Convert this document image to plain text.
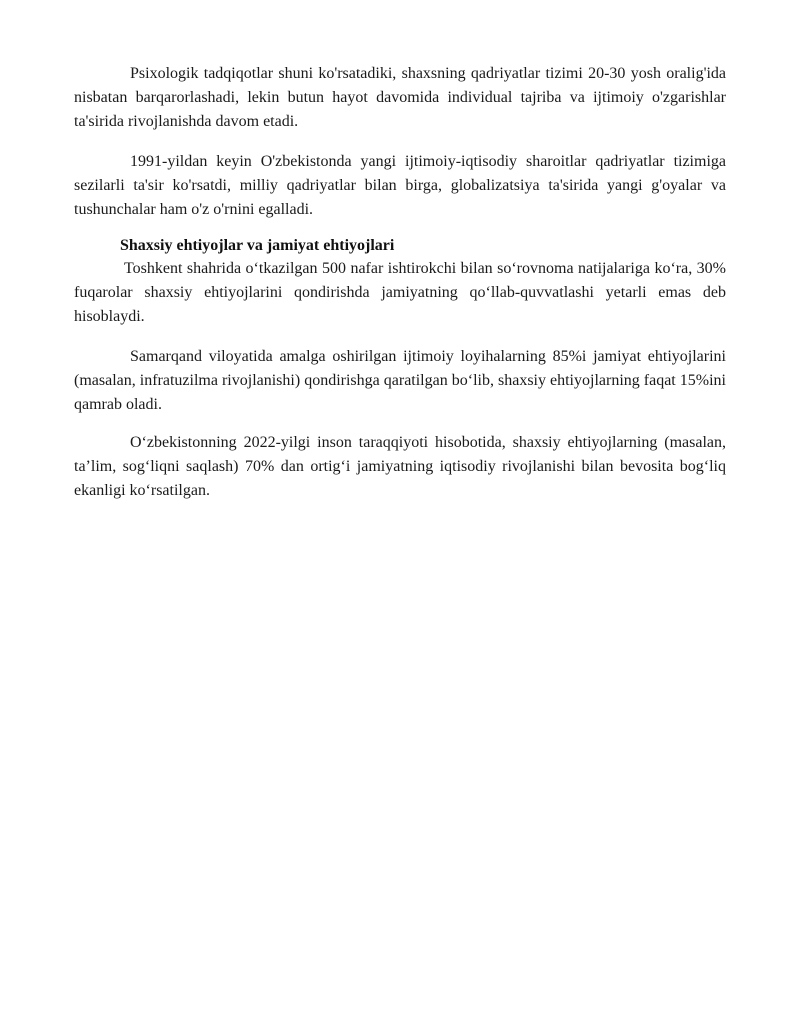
Psixologik tadqiqotlar shuni ko'rsatadiki, shaxsning qadriyatlar tizimi 20-30 yosh oralig'ida nisbatan barqarorlashadi, lekin butun hayot davomida individual tajriba va ijtimoiy o'zgarishlar ta'sirida rivojlanishda davom etadi.

1991-yildan keyin O'zbekistonda yangi ijtimoiy-iqtisodiy sharoitlar qadriyatlar tizimiga sezilarli ta'sir ko'rsatdi, milliy qadriyatlar bilan birga, globalizatsiya ta'sirida yangi g'oyalar va tushunchalar ham o'z o'rnini egalladi.

Shaxsiy ehtiyojlar va jamiyat ehtiyojlari

Toshkent shahrida oʻtkazilgan 500 nafar ishtirokchi bilan soʻrovnoma natijalariga koʻra, 30% fuqarolar shaxsiy ehtiyojlarini qondirishda jamiyatning qoʻllab-quvvatlashi yetarli emas deb hisoblaydi.

Samarqand viloyatida amalga oshirilgan ijtimoiy loyihalarning 85%i jamiyat ehtiyojlarini (masalan, infratuzilma rivojlanishi) qondirishga qaratilgan boʻlib, shaxsiy ehtiyojlarning faqat 15%ini qamrab oladi.

Oʻzbekistonning 2022-yilgi inson taraqqiyoti hisobotida, shaxsiy ehtiyojlarning (masalan, taʼlim, sogʻliqni saqlash) 70% dan ortigʻi jamiyatning iqtisodiy rivojlanishi bilan bevosita bogʻliq ekanligi koʻrsatilgan.
